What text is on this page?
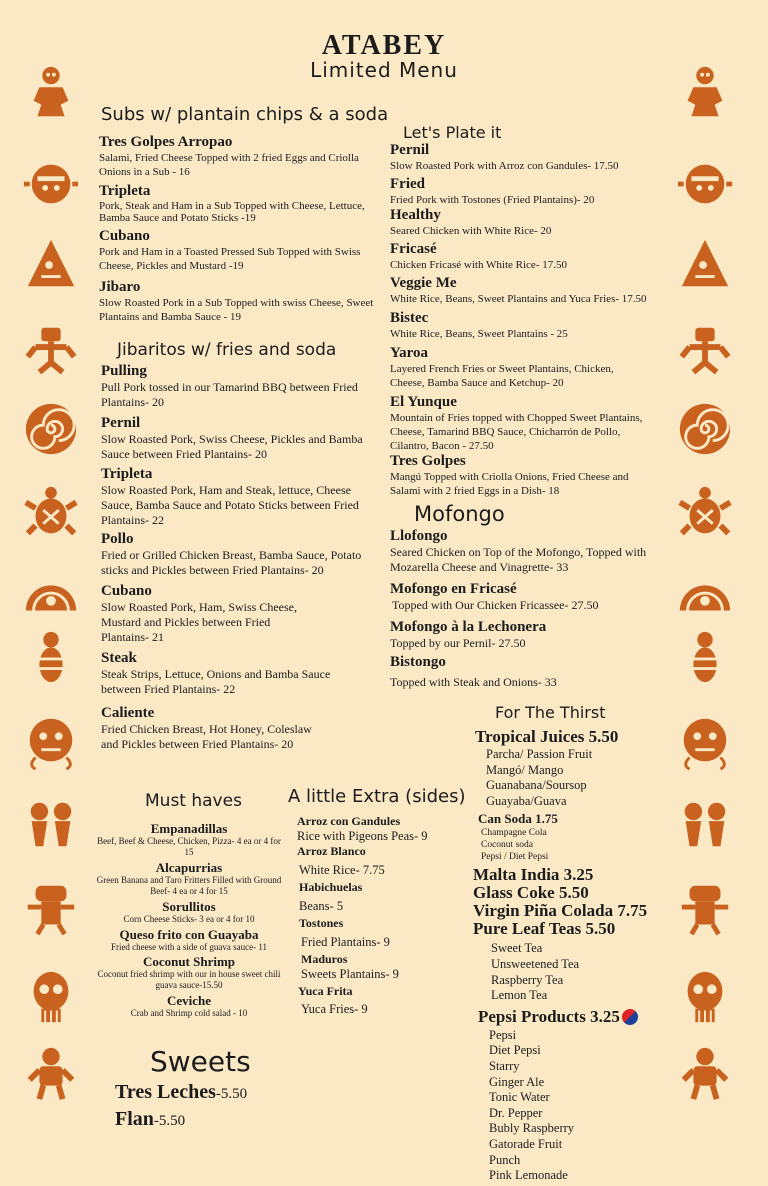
ATABEY
Limited Menu
Subs w/ plantain chips & a soda
Tres Golpes Arropao
Salami, Fried Cheese Topped with 2 fried Eggs and Criolla Onions in a Sub - 16
Tripleta
Pork, Steak and Ham in a Sub Topped with Cheese, Lettuce, Bamba Sauce and Potato Sticks -19
Cubano
Pork and Ham in a Toasted Pressed Sub Topped with Swiss Cheese, Pickles and Mustard -19
Jibaro
Slow Roasted Pork in a Sub Topped with swiss Cheese, Sweet Plantains and Bamba Sauce - 19
Jibaritos w/ fries and soda
Pulling
Pull Pork tossed in our Tamarind BBQ between Fried Plantains- 20
Pernil
Slow Roasted Pork, Swiss Cheese, Pickles and Bamba Sauce between Fried Plantains- 20
Tripleta
Slow Roasted Pork, Ham and Steak, lettuce, Cheese Sauce, Bamba Sauce and Potato Sticks between Fried Plantains- 22
Pollo
Fried or Grilled Chicken Breast, Bamba Sauce, Potato sticks and Pickles between Fried Plantains- 20
Cubano
Slow Roasted Pork, Ham, Swiss Cheese, Mustard and Pickles between Fried Plantains- 21
Steak
Steak Strips, Lettuce, Onions and Bamba Sauce between Fried Plantains- 22
Caliente
Fried Chicken Breast, Hot Honey, Coleslaw and Pickles between Fried Plantains- 20
Let's Plate it
Pernil
Slow Roasted Pork with Arroz con Gandules- 17.50
Fried
Fried Pork with Tostones (Fried Plantains)- 20
Healthy
Seared Chicken with White Rice- 20
Fricasé
Chicken Fricasé with White Rice- 17.50
Veggie Me
White Rice, Beans, Sweet Plantains and Yuca Fries- 17.50
Bistec
White Rice, Beans, Sweet Plantains - 25
Yaroa
Layered French Fries or Sweet Plantains, Chicken, Cheese, Bamba Sauce and Ketchup- 20
El Yunque
Mountain of Fries topped with Chopped Sweet Plantains, Cheese, Tamarind BBQ Sauce, Chicharrón de Pollo, Cilantro, Bacon - 27.50
Tres Golpes
Mangú Topped with Criolla Onions, Fried Cheese and Salami with 2 fried Eggs in a Dish- 18
Mofongo
Llofongo
Seared Chicken on Top of the Mofongo, Topped with Mozarella Cheese and Vinagrette- 33
Mofongo en Fricasé
Topped with Our Chicken Fricassee- 27.50
Mofongo à la Lechonera
Topped by our Pernil- 27.50
Bistongo
Topped with Steak and Onions- 33
Must haves
Empanadillas
Beef, Beef & Cheese, Chicken, Pizza- 4 ea or 4 for 15
Alcapurrias
Green Banana and Taro Fritters Filled with Ground Beef- 4 ea or 4 for 15
Sorullitos
Corn Cheese Sticks- 3 ea or 4 for 10
Queso frito con Guayaba
Fried cheese with a side of guava sauce- 11
Coconut Shrimp
Coconut fried shrimp with our in house sweet chili guava sauce-15.50
Ceviche
Crab and Shrimp cold salad - 10
A little Extra (sides)
Arroz con Gandules
Rice with Pigeons Peas- 9
Arroz Blanco
White Rice- 7.75
Habichuelas
Beans- 5
Tostones
Fried Plantains- 9
Maduros
Sweets Plantains- 9
Yuca Frita
Yuca Fries- 9
Sweets
Tres Leches-5.50
Flan-5.50
For The Thirst
Tropical Juices 5.50
Parcha/ Passion Fruit
Mangó/ Mango
Guanabana/Soursop
Guayaba/Guava
Can Soda 1.75
Champagne Cola
Coconut soda
Pepsi / Diet Pepsi
Malta India 3.25
Glass Coke 5.50
Virgin Piña Colada 7.75
Pure Leaf Teas 5.50
Sweet Tea
Unsweetened Tea
Raspberry Tea
Lemon Tea
Pepsi Products 3.25
Pepsi
Diet Pepsi
Starry
Ginger Ale
Tonic Water
Dr. Pepper
Bubly Raspberry
Gatorade Fruit
Punch
Pink Lemonade
